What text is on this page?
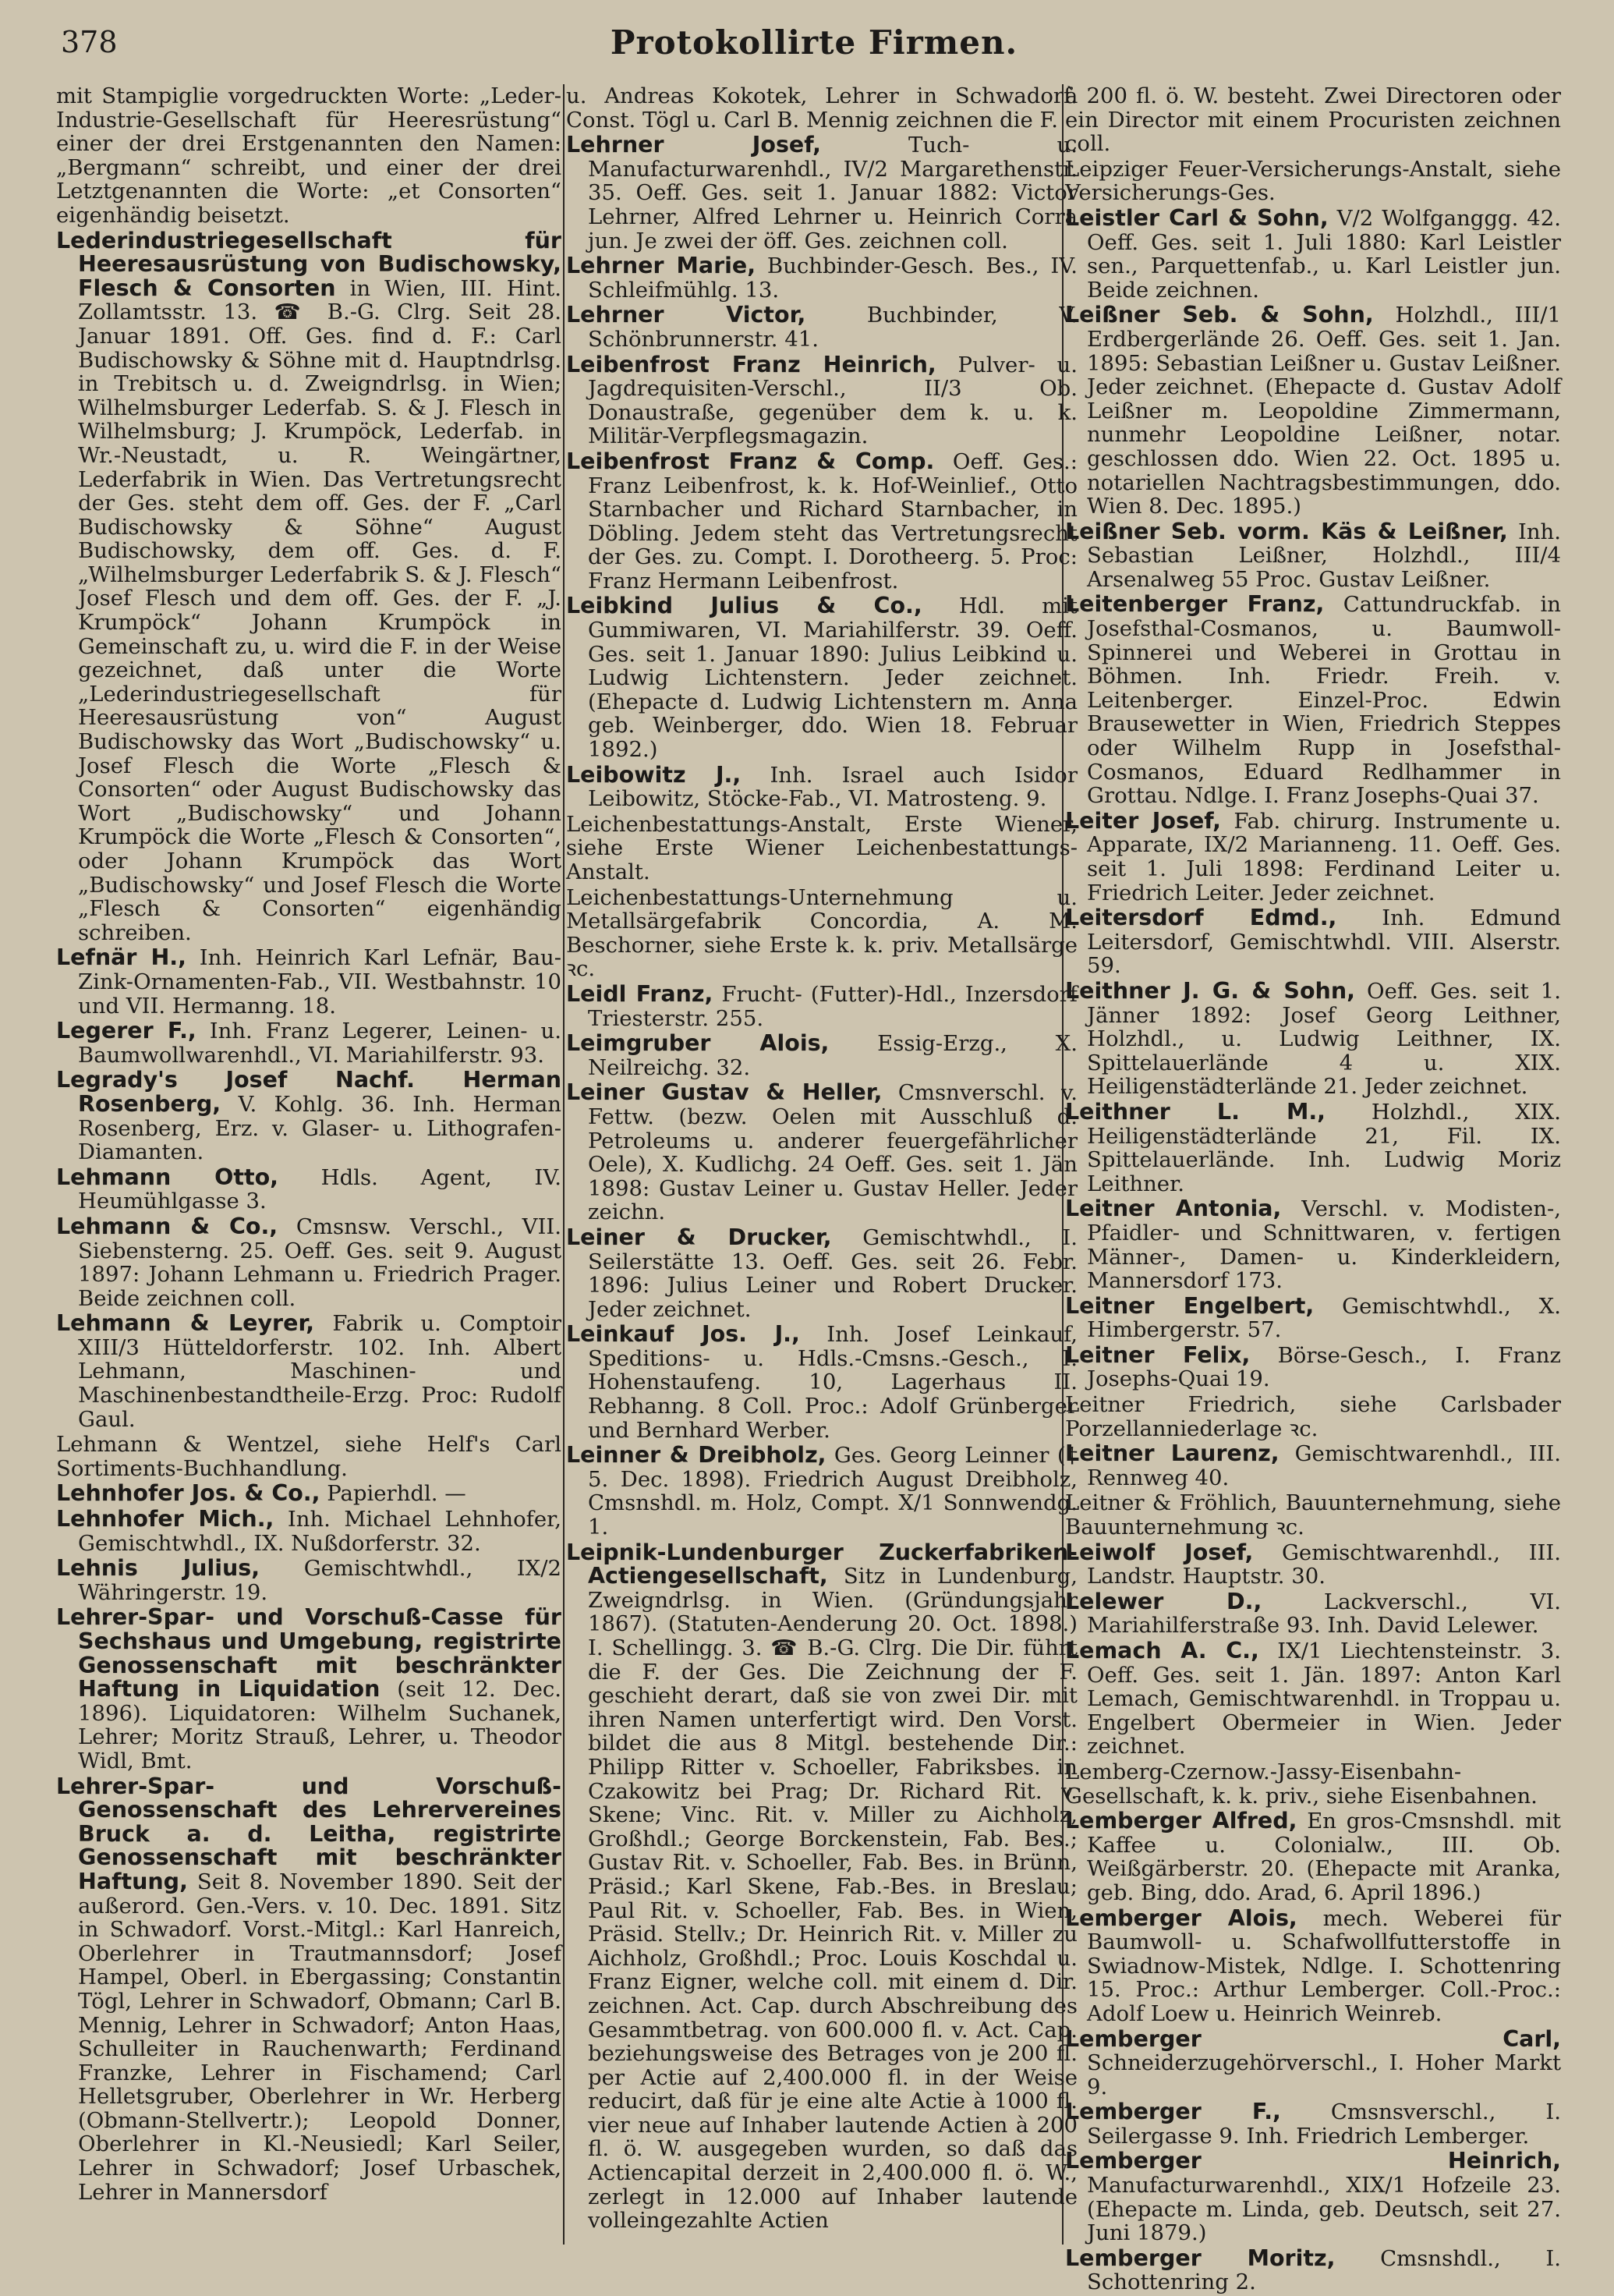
378	Protokollirte Firmen.

mit Stampiglie vorgedruckten Worte: „Leder-Industrie-Gesellschaft für Heeresrüstung“ einer der drei Erstgenannten den Namen: „Bergmann“ schreibt, und einer der drei Letztgenannten die Worte: „et Consorten“ eigenhändig beisetzt.

Lederindustriegesellschaft für Heeresausrüstung von Budischowsky, Flesch & Consorten in Wien, III. Hint. Zollamtsstr. 13. ☎ B.-G. Clrg. Seit 28. Januar 1891. Off. Ges. find d. F.: Carl Budischowsky & Söhne mit d. Hauptndrlsg. in Trebitsch u. d. Zweigndrlsg. in Wien; Wilhelmsburger Lederfab. S. & J. Flesch in Wilhelmsburg; J. Krumpöck, Lederfab. in Wr.-Neustadt, u. R. Weingärtner, Lederfabrik in Wien. Das Vertretungsrecht der Ges. steht dem off. Ges. der F. „Carl Budischowsky & Söhne“ August Budischowsky, dem off. Ges. d. F. „Wilhelmsburger Lederfabrik S. & J. Flesch“ Josef Flesch und dem off. Ges. der F. „J. Krumpöck“ Johann Krumpöck in Gemeinschaft zu, u. wird die F. in der Weise gezeichnet, daß unter die Worte „Lederindustriegesellschaft für Heeresausrüstung von“ August Budischowsky das Wort „Budischowsky“ u. Josef Flesch die Worte „Flesch & Consorten“ oder August Budischowsky das Wort „Budischowsky“ und Johann Krumpöck die Worte „Flesch & Consorten“, oder Johann Krumpöck das Wort „Budischowsky“ und Josef Flesch die Worte „Flesch & Consorten“ eigenhändig schreiben.

Lefnär H., Inh. Heinrich Karl Lefnär, Bau-Zink-Ornamenten-Fab., VII. Westbahnstr. 10 und VII. Hermanng. 18.

Legerer F., Inh. Franz Legerer, Leinen- u. Baumwollwarenhdl., VI. Mariahilferstr. 93.

Legrady's Josef Nachf. Herman Rosenberg, V. Kohlg. 36. Inh. Herman Rosenberg, Erz. v. Glaser- u. Lithografen-Diamanten.

Lehmann Otto, Hdls. Agent, IV. Heumühlgasse 3.

Lehmann & Co., Cmsnsw. Verschl., VII. Siebensterng. 25. Oeff. Ges. seit 9. August 1897: Johann Lehmann u. Friedrich Prager. Beide zeichnen coll.

Lehmann & Leyrer, Fabrik u. Comptoir XIII/3 Hütteldorferstr. 102. Inh. Albert Lehmann, Maschinen- und Maschinenbestandtheile-Erzg. Proc: Rudolf Gaul.

Lehmann & Wentzel, siehe Helf's Carl Sortiments-Buchhandlung.

Lehnhofer Jos. & Co., Papierhdl. —

Lehnhofer Mich., Inh. Michael Lehnhofer, Gemischtwhdl., IX. Nußdorferstr. 32.

Lehnis Julius, Gemischtwhdl., IX/2 Währingerstr. 19.

Lehrer-Spar- und Vorschuß-Casse für Sechshaus und Umgebung, registrirte Genossenschaft mit beschränkter Haftung in Liquidation (seit 12. Dec. 1896). Liquidatoren: Wilhelm Suchanek, Lehrer; Moritz Strauß, Lehrer, u. Theodor Widl, Bmt.

Lehrer-Spar- und Vorschuß-Genossenschaft des Lehrervereines Bruck a. d. Leitha, registrirte Genossenschaft mit beschränkter Haftung, Seit 8. November 1890. Seit der außerord. Gen.-Vers. v. 10. Dec. 1891. Sitz in Schwadorf. Vorst.-Mitgl.: Karl Hanreich, Oberlehrer in Trautmannsdorf; Josef Hampel, Oberl. in Ebergassing; Constantin Tögl, Lehrer in Schwadorf, Obmann; Carl B. Mennig, Lehrer in Schwadorf; Anton Haas, Schulleiter in Rauchenwarth; Ferdinand Franzke, Lehrer in Fischamend; Carl Helletsgruber, Oberlehrer in Wr. Herberg (Obmann-Stellvertr.); Leopold Donner, Oberlehrer in Kl.-Neusiedl; Karl Seiler, Lehrer in Schwadorf; Josef Urbaschek, Lehrer in Mannersdorf

u. Andreas Kokotek, Lehrer in Schwadorf. Const. Tögl u. Carl B. Mennig zeichnen die F.

Lehrner Josef,	Tuch- u. Manufacturwarenhdl., IV/2 Margarethenstr. 35. Oeff. Ges. seit 1. Januar 1882: Victor Lehrner, Alfred Lehrner u. Heinrich Corra jun. Je zwei der öff. Ges. zeichnen coll.

Lehrner Marie, Buchbinder-Gesch. Bes., IV. Schleifmühlg. 13.

Lehrner Victor,	Buchbinder, V. Schönbrunnerstr. 41.

Leibenfrost Franz Heinrich, Pulver- u. Jagdrequisiten-Verschl., II/3 Ob. Donaustraße, gegenüber dem k. u. k. Militär-Verpflegsmagazin.

Leibenfrost Franz & Comp. Oeff. Ges.: Franz Leibenfrost, k. k. Hof-Weinlief., Otto Starnbacher und Richard Starnbacher, in Döbling. Jedem steht das Vertretungsrecht der Ges. zu. Compt. I. Dorotheerg. 5. Proc: Franz Hermann Leibenfrost.

Leibkind Julius & Co., Hdl. mit Gummiwaren, VI. Mariahilferstr. 39. Oeff. Ges. seit 1. Januar 1890: Julius Leibkind u. Ludwig Lichtenstern. Jeder zeichnet. (Ehepacte d. Ludwig Lichtenstern m. Anna geb. Weinberger, ddo. Wien 18. Februar 1892.)

Leibowitz J., Inh. Israel auch Isidor Leibowitz, Stöcke-Fab., VI. Matrosteng. 9.

Leichenbestattungs-Anstalt, Erste Wiener, siehe Erste Wiener Leichenbestattungs-Anstalt.

Leichenbestattungs-Unternehmung u. Metallsärgefabrik Concordia, A. M. Beschorner, siehe Erste k. k. priv. Metallsärge ꝛc.

Leidl Franz, Frucht- (Futter)-Hdl., Inzersdorf Triesterstr. 255.

Leimgruber Alois, Essig-Erzg., X. Neilreichg. 32.

Leiner Gustav & Heller, Cmsnverschl. v. Fettw. (bezw. Oelen mit Ausschluß d. Petroleums u. anderer feuergefährlicher Oele), X. Kudlichg. 24 Oeff. Ges. seit 1. Jän 1898: Gustav Leiner u. Gustav Heller. Jeder zeichn.

Leiner & Drucker, Gemischtwhdl., I. Seilerstätte 13. Oeff. Ges. seit 26. Febr. 1896: Julius Leiner und Robert Drucker. Jeder zeichnet.

Leinkauf Jos. J., Inh. Josef Leinkauf, Speditions- u. Hdls.-Cmsns.-Gesch., I. Hohenstaufeng. 10, Lagerhaus II. Rebhanng. 8 Coll. Proc.: Adolf Grünberger und Bernhard Werber.

Leinner & Dreibholz, Ges. Georg Leinner († 5. Dec. 1898). Friedrich August Dreibholz, Cmsnshdl. m. Holz, Compt. X/1 Sonnwendg. 1.

Leipnik-Lundenburger Zuckerfabriken-Actiengesellschaft, Sitz in Lundenburg, Zweigndrlsg. in Wien. (Gründungsjahr 1867). (Statuten-Aenderung 20. Oct. 1898.) I. Schellingg. 3. ☎ B.-G. Clrg. Die Dir. führt die F. der Ges. Die Zeichnung der F. geschieht derart, daß sie von zwei Dir. mit ihren Namen unterfertigt wird. Den Vorst. bildet die aus 8 Mitgl. bestehende Dir.: Philipp Ritter v. Schoeller, Fabriksbes. in Czakowitz bei Prag; Dr. Richard Rit. v. Skene; Vinc. Rit. v. Miller zu Aichholz, Großhdl.; George Borckenstein, Fab. Bes.; Gustav Rit. v. Schoeller, Fab. Bes. in Brünn, Präsid.; Karl Skene, Fab.-Bes. in Breslau; Paul Rit. v. Schoeller, Fab. Bes. in Wien, Präsid. Stellv.; Dr. Heinrich Rit. v. Miller zu Aichholz, Großhdl.; Proc. Louis Koschdal u. Franz Eigner, welche coll. mit einem d. Dir. zeichnen. Act. Cap. durch Abschreibung des Gesammtbetrag. von 600.000 fl. v. Act. Cap. beziehungsweise des Betrages von je 200 fl. per Actie auf 2,400.000 fl. in der Weise reducirt, daß für je eine alte Actie à 1000 fl. vier neue auf Inhaber lautende Actien à 200 fl. ö. W. ausgegeben wurden, so daß das Actiencapital derzeit in 2,400.000 fl. ö. W., zerlegt in 12.000 auf Inhaber lautende volleingezahlte Actien

à 200 fl. ö. W. besteht. Zwei Directoren oder ein Director mit einem Procuristen zeichnen coll.

Leipziger Feuer-Versicherungs-Anstalt, siehe Versicherungs-Ges.

Leistler Carl & Sohn, V/2 Wolfganggg. 42. Oeff. Ges. seit 1. Juli 1880: Karl Leistler sen., Parquettenfab., u. Karl Leistler jun. Beide zeichnen.

Leißner Seb. & Sohn, Holzhdl., III/1 Erdbergerlände 26. Oeff. Ges. seit 1. Jan. 1895: Sebastian Leißner u. Gustav Leißner. Jeder zeichnet. (Ehepacte d. Gustav Adolf Leißner m. Leopoldine Zimmermann, nunmehr Leopoldine Leißner, notar. geschlossen ddo. Wien 22. Oct. 1895 u. notariellen Nachtragsbestimmungen, ddo. Wien 8. Dec. 1895.)

Leißner Seb. vorm. Käs & Leißner, Inh. Sebastian Leißner, Holzhdl., III/4 Arsenalweg 55 Proc. Gustav Leißner.

Leitenberger Franz, Cattundruckfab. in Josefsthal-Cosmanos, u. Baumwoll-Spinnerei und Weberei in Grottau in Böhmen. Inh. Friedr. Freih. v. Leitenberger. Einzel-Proc. Edwin Brausewetter in Wien, Friedrich Steppes oder Wilhelm Rupp in Josefsthal-Cosmanos, Eduard Redlhammer in Grottau. Ndlge. I. Franz Josephs-Quai 37.

Leiter Josef, Fab. chirurg. Instrumente u. Apparate, IX/2 Marianneng. 11. Oeff. Ges. seit 1. Juli 1898: Ferdinand Leiter u. Friedrich Leiter. Jeder zeichnet.

Leitersdorf Edmd., Inh. Edmund Leitersdorf, Gemischtwhdl. VIII. Alserstr. 59.

Leithner J. G. & Sohn, Oeff. Ges. seit 1. Jänner 1892: Josef Georg Leithner, Holzhdl., u. Ludwig Leithner, IX. Spittelauerlände 4 u. XIX. Heiligenstädterlände 21. Jeder zeichnet.

Leithner L. M., Holzhdl., XIX. Heiligenstädterlände 21, Fil. IX. Spittelauerlände. Inh. Ludwig Moriz Leithner.

Leitner Antonia, Verschl. v. Modisten-, Pfaidler- und Schnittwaren, v. fertigen Männer-, Damen- u. Kinderkleidern, Mannersdorf 173.

Leitner Engelbert, Gemischtwhdl., X. Himbergerstr. 57.

Leitner Felix, Börse-Gesch., I. Franz Josephs-Quai 19.

Leitner Friedrich, siehe Carlsbader Porzellanniederlage ꝛc.

Leitner Laurenz, Gemischtwarenhdl., III. Rennweg 40.

Leitner & Fröhlich, Bauunternehmung, siehe Bauunternehmung ꝛc.

Leiwolf Josef, Gemischtwarenhdl., III. Landstr. Hauptstr. 30.

Lelewer D.,	Lackverschl., VI. Mariahilferstraße 93. Inh. David Lelewer.

Lemach A. C., IX/1 Liechtensteinstr. 3. Oeff. Ges. seit 1. Jän. 1897: Anton Karl Lemach, Gemischtwarenhdl. in Troppau u. Engelbert Obermeier in Wien. Jeder zeichnet.

Lemberg-Czernow.-Jassy-Eisenbahn-Gesellschaft, k. k. priv., siehe Eisenbahnen.

Lemberger Alfred, En gros-Cmsnshdl. mit Kaffee u. Colonialw., III. Ob. Weißgärberstr. 20. (Ehepacte mit Aranka, geb. Bing, ddo. Arad, 6. April 1896.)

Lemberger Alois, mech. Weberei für Baumwoll- u. Schafwollfutterstoffe in Swiadnow-Mistek, Ndlge. I. Schottenring 15. Proc.: Arthur Lemberger. Coll.-Proc.: Adolf Loew u. Heinrich Weinreb.

Lemberger Carl, Schneiderzugehörverschl., I. Hoher Markt 9.

Lemberger F., Cmsnsverschl., I. Seilergasse 9. Inh. Friedrich Lemberger.

Lemberger Heinrich, Manufacturwarenhdl., XIX/1 Hofzeile 23. (Ehepacte m. Linda, geb. Deutsch, seit 27. Juni 1879.)

Lemberger Moritz, Cmsnshdl., I. Schottenring 2.
